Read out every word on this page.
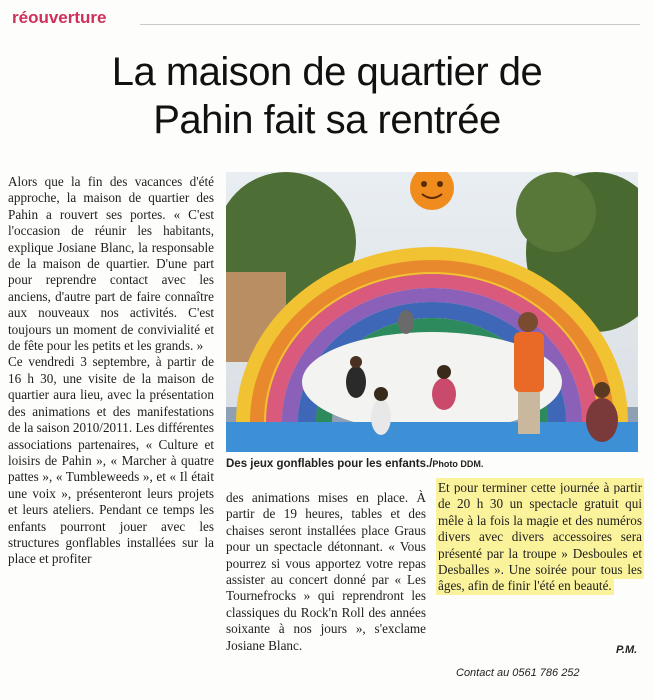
réouverture
La maison de quartier de
Pahin fait sa rentrée

Alors que la fin des vacances d'été approche, la maison de quartier des Pahin a rouvert ses portes. « C'est l'occasion de réunir les habitants, explique Josiane Blanc, la responsable de la maison de quartier. D'une part pour reprendre contact avec les anciens, d'autre part de faire connaître aux nouveaux nos activités. C'est toujours un moment de convivialité et de fête pour les petits et les grands. »

Ce vendredi 3 septembre, à partir de 16 h 30, une visite de la maison de quartier aura lieu, avec la présentation des animations et des manifestations de la saison 2010/2011. Les différentes associations partenaires, « Culture et loisirs de Pahin », « Marcher à quatre pattes », « Tumbleweeds », et « Il était une voix », présenteront leurs projets et leurs ateliers. Pendant ce temps les enfants pourront jouer avec les structures gonflables installées sur la place et profiter

Des jeux gonflables pour les enfants./Photo DDM.
des animations mises en place. À partir de 19 heures, tables et des chaises seront installées place Graus pour un spectacle détonnant. « Vous pourrez si vous apportez votre repas assister au concert donné par « Les Tournefrocks » qui reprendront les classiques du Rock'n Roll des années soixante à nos jours », s'exclame Josiane Blanc.
Et pour terminer cette journée à partir de 20 h 30 un spectacle gratuit qui mêle à la fois la magie et des numéros divers avec divers accessoires sera présenté par la troupe » Desboules et Desballes ». Une soirée pour tous les âges, afin de finir l'été en beauté.
P.M.
Contact au 0561 786 252
